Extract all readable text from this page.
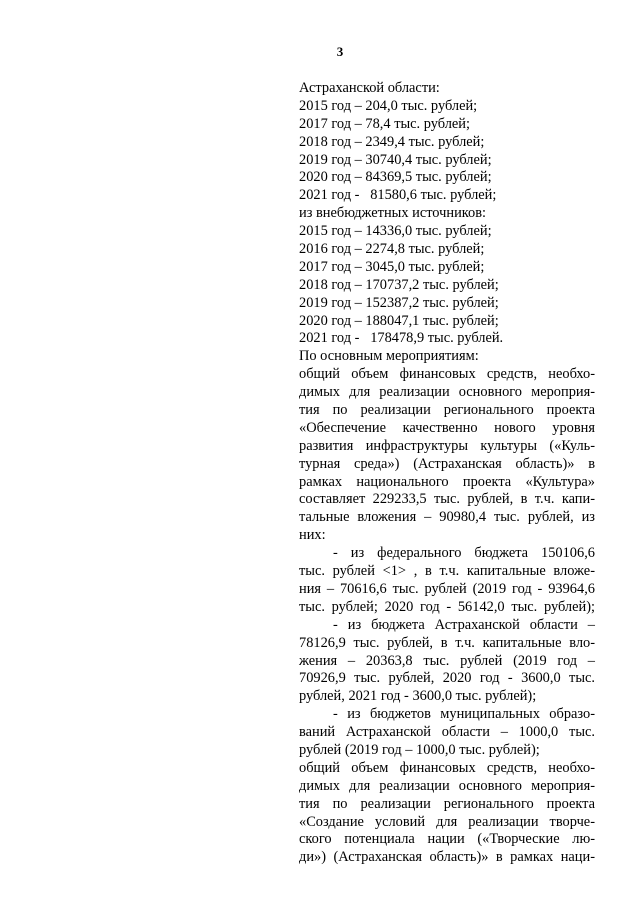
3
Астраханской области:
2015 год – 204,0 тыс. рублей;
2017 год – 78,4 тыс. рублей;
2018 год – 2349,4 тыс. рублей;
2019 год – 30740,4 тыс. рублей;
2020 год – 84369,5 тыс. рублей;
2021 год -   81580,6 тыс. рублей;
из внебюджетных источников:
2015 год – 14336,0 тыс. рублей;
2016 год – 2274,8 тыс. рублей;
2017 год – 3045,0 тыс. рублей;
2018 год – 170737,2 тыс. рублей;
2019 год – 152387,2 тыс. рублей;
2020 год – 188047,1 тыс. рублей;
2021 год -   178478,9 тыс. рублей.
По основным мероприятиям:
общий объем финансовых средств, необхо-
димых для реализации основного мероприя-
тия по реализации регионального проекта
«Обеспечение качественно нового уровня
развития инфраструктуры культуры («Куль-
турная среда») (Астраханская область)» в
рамках национального проекта «Культура»
составляет 229233,5 тыс. рублей, в т.ч. капи-
тальные вложения – 90980,4 тыс. рублей, из
них:
- из федерального бюджета 150106,6
тыс. рублей <1> , в т.ч. капитальные вложе-
ния – 70616,6 тыс. рублей (2019 год - 93964,6
тыс. рублей; 2020 год - 56142,0 тыс. рублей);
- из бюджета Астраханской области –
78126,9 тыс. рублей, в т.ч. капитальные вло-
жения – 20363,8 тыс. рублей (2019 год –
70926,9 тыс. рублей, 2020 год - 3600,0 тыс.
рублей, 2021 год - 3600,0 тыс. рублей);
- из бюджетов муниципальных образо-
ваний Астраханской области – 1000,0 тыс.
рублей (2019 год – 1000,0 тыс. рублей);
общий объем финансовых средств, необхо-
димых для реализации основного мероприя-
тия по реализации регионального проекта
«Создание условий для реализации творче-
ского потенциала нации («Творческие лю-
ди») (Астраханская область)» в рамках наци-
